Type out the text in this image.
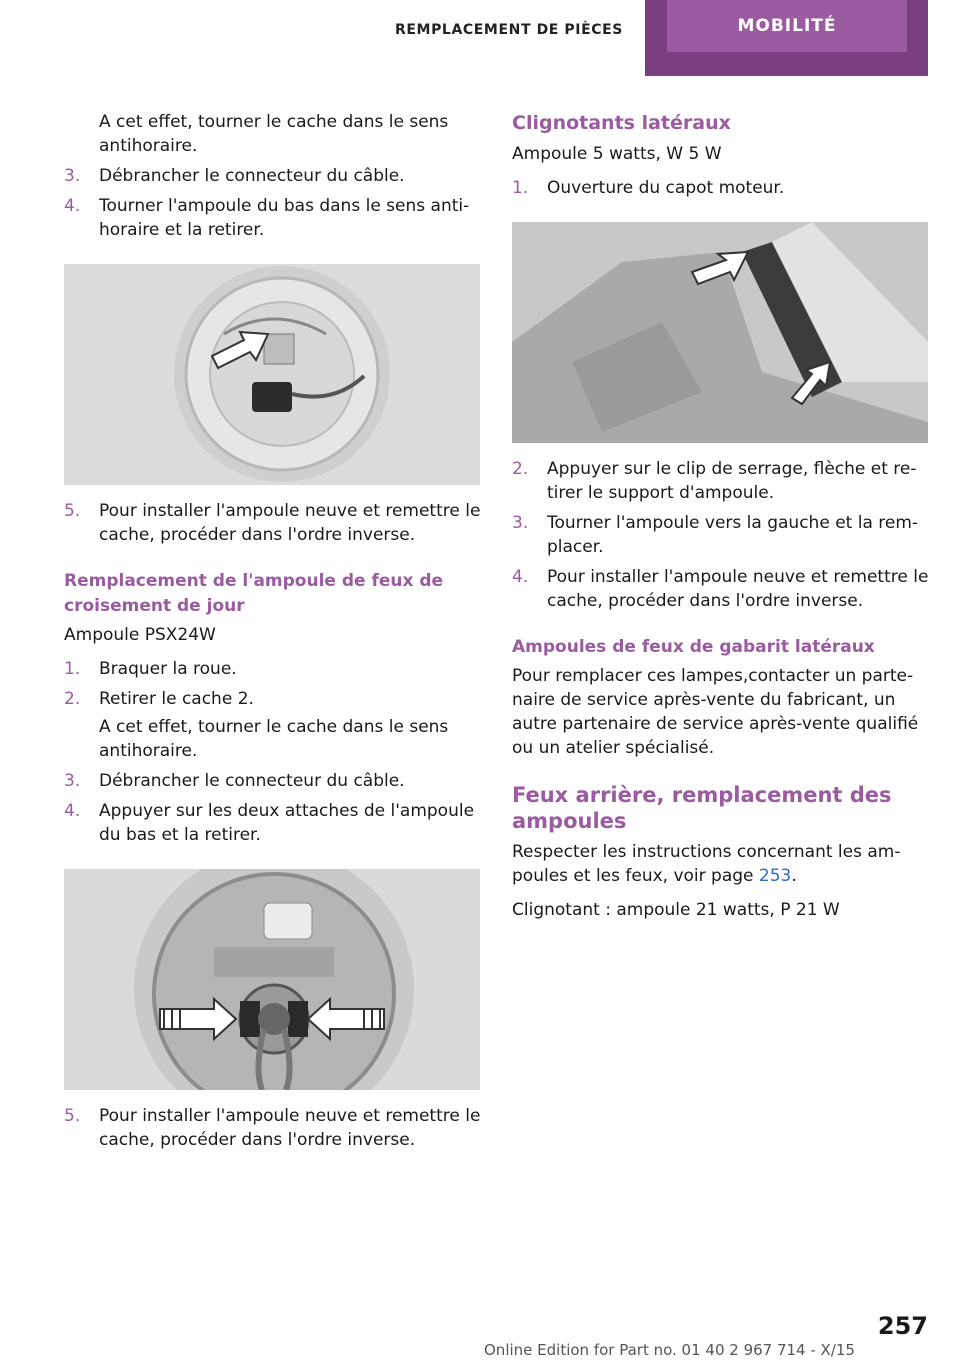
REMPLACEMENT DE PIÈCES	MOBILITÉ

A cet effet, tourner le cache dans le sens antihoraire.

3.	Débrancher le connecteur du câble.
4.	Tourner l'ampoule du bas dans le sens anti‐horaire et la retirer.
5.	Pour installer l'ampoule neuve et remettre le cache, procéder dans l'ordre inverse.
Remplacement de l'ampoule de feux de croisement de jour

Ampoule PSX24W

1.	Braquer la roue.
2.	Retirer le cache 2.

A cet effet, tourner le cache dans le sens antihoraire.

3.	Débrancher le connecteur du câble.
4.	Appuyer sur les deux attaches de l'ampoule du bas et la retirer.
5.	Pour installer l'ampoule neuve et remettre le cache, procéder dans l'ordre inverse.
Clignotants latéraux

Ampoule 5 watts, W 5 W

1.	Ouverture du capot moteur.
2.	Appuyer sur le clip de serrage, flèche et re‐tirer le support d'ampoule.
3.	Tourner l'ampoule vers la gauche et la rem‐placer.
4.	Pour installer l'ampoule neuve et remettre le cache, procéder dans l'ordre inverse.
Ampoules de feux de gabarit latéraux

Pour remplacer ces lampes,contacter un parte‐naire de service après-vente du fabricant, un autre partenaire de service après-vente qualifié ou un atelier spécialisé.

Feux arrière, remplacement des ampoules

Respecter les instructions concernant les am‐poules et les feux, voir page 253.

Clignotant : ampoule 21 watts, P 21 W

257
Online Edition for Part no. 01 40 2 967 714 - X/15
